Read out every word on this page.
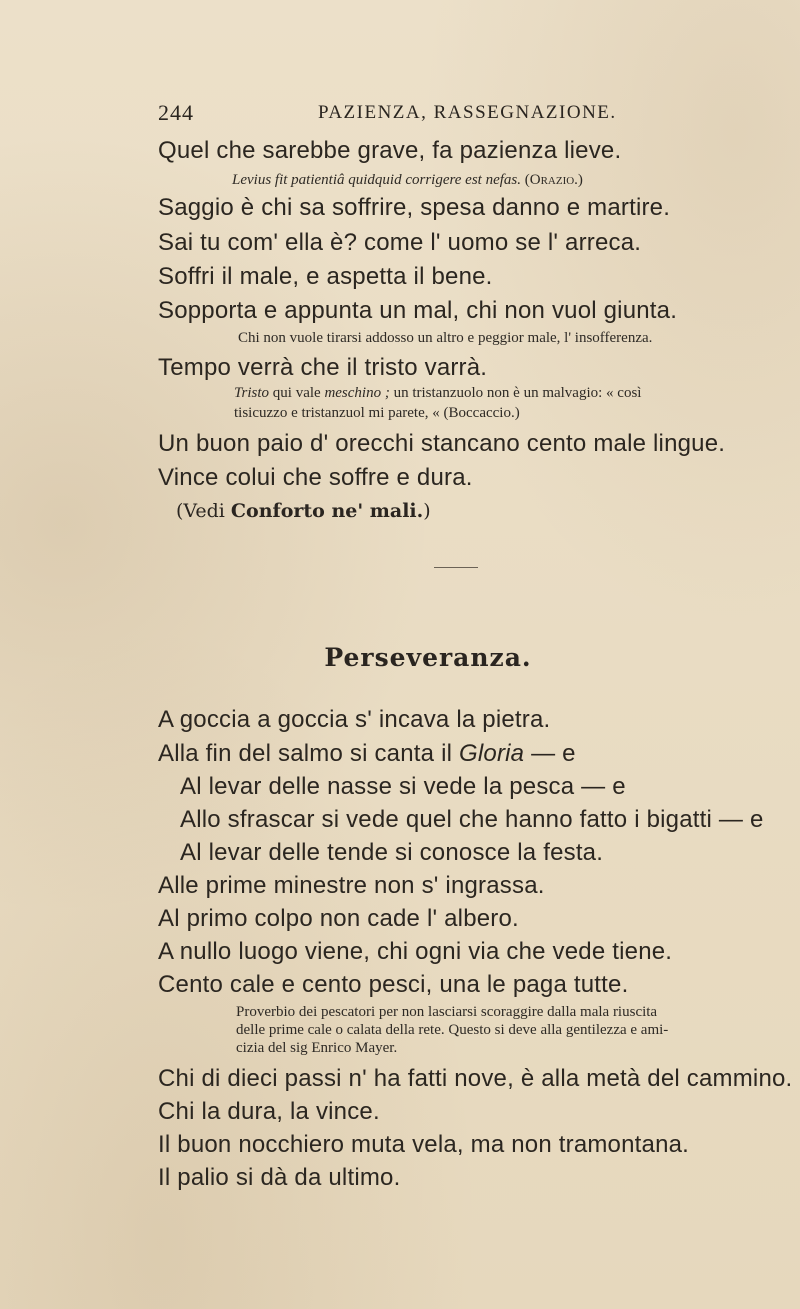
244	PAZIENZA, RASSEGNAZIONE.
Quel che sarebbe grave, fa pazienza lieve.
Levius fit patientiâ quidquid corrigere est nefas. (Orazio.)
Saggio è chi sa soffrire, spesa danno e martire.
Sai tu com' ella è? come l' uomo se l' arreca.
Soffri il male, e aspetta il bene.
Sopporta e appunta un mal, chi non vuol giunta.
Chi non vuole tirarsi addosso un altro e peggior male, l' insofferenza.
Tempo verrà che il tristo varrà.
Tristo qui vale meschino ; un tristanzuolo non è un malvagio: « così
tisicuzzo e tristanzuol mi parete, « (Boccaccio.)
Un buon paio d' orecchi stancano cento male lingue.
Vince colui che soffre e dura.
(Vedi Conforto ne' mali.)
Perseveranza.
A goccia a goccia s' incava la pietra.
Alla fin del salmo si canta il Gloria — e
Al levar delle nasse si vede la pesca — e
Allo sfrascar si vede quel che hanno fatto i bigatti — e
Al levar delle tende si conosce la festa.
Alle prime minestre non s' ingrassa.
Al primo colpo non cade l' albero.
A nullo luogo viene, chi ogni via che vede tiene.
Cento cale e cento pesci, una le paga tutte.
Proverbio dei pescatori per non lasciarsi scoraggire dalla mala riuscita
delle prime cale o calata della rete. Questo si deve alla gentilezza e ami-
cizia del sig Enrico Mayer.
Chi di dieci passi n' ha fatti nove, è alla metà del cammino.
Chi la dura, la vince.
Il buon nocchiero muta vela, ma non tramontana.
Il palio si dà da ultimo.
